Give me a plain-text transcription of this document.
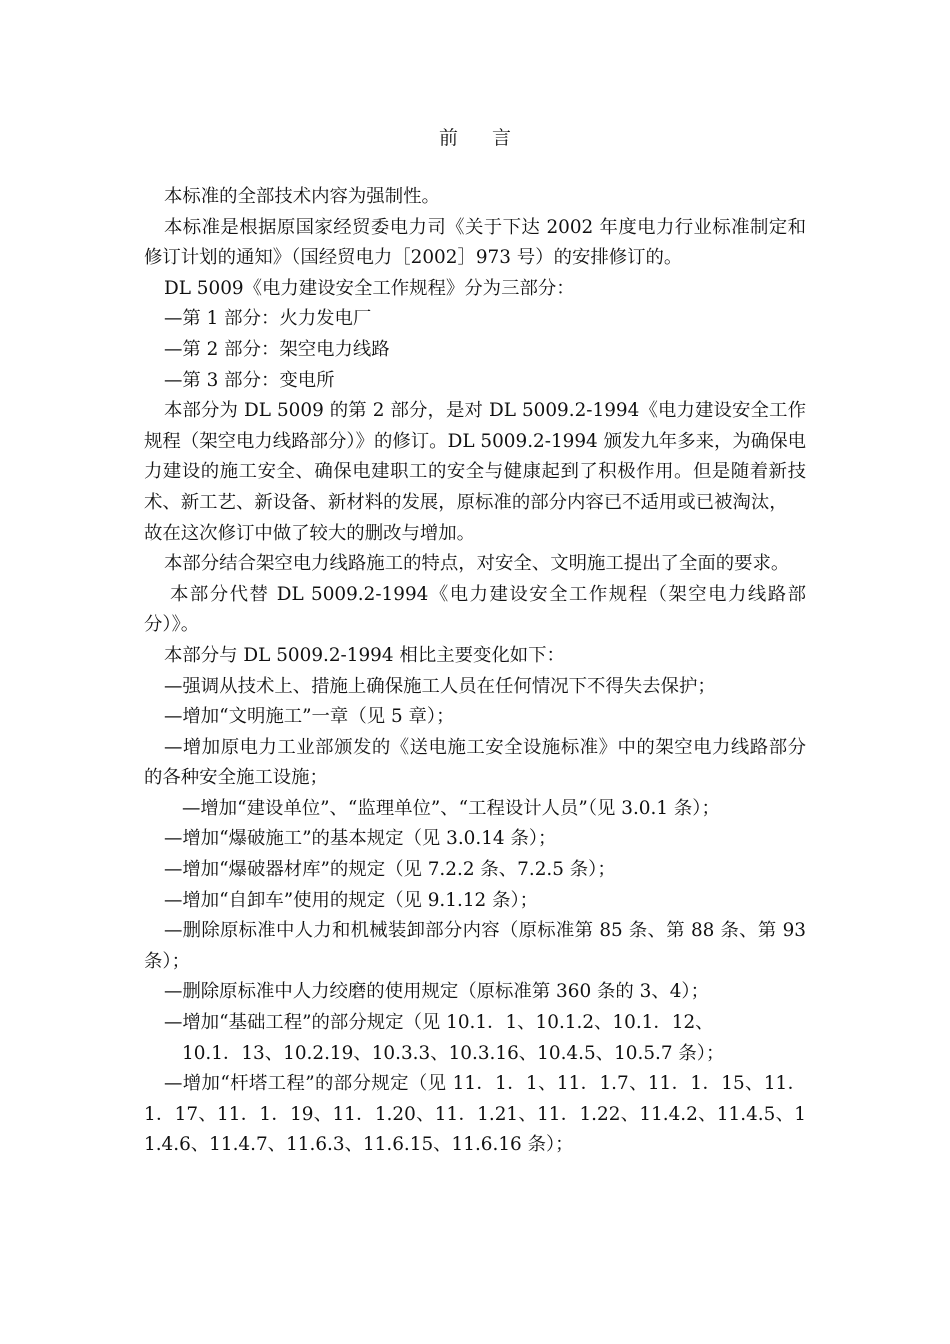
前 言

本标准的全部技术内容为强制性。

本标准是根据原国家经贸委电力司《关于下达 2002 年度电力行业标准制定和修订计划的通知》（国经贸电力［2002］973 号）的安排修订的。

DL 5009《电力建设安全工作规程》分为三部分：

—第 1 部分：火力发电厂

—第 2 部分：架空电力线路

—第 3 部分：变电所

本部分为 DL 5009 的第 2 部分，是对 DL 5009.2-1994《电力建设安全工作规程（架空电力线路部分）》的修订。DL 5009.2-1994 颁发九年多来，为确保电力建设的施工安全、确保电建职工的安全与健康起到了积极作用。但是随着新技术、新工艺、新设备、新材料的发展，原标准的部分内容已不适用或已被淘汰，

故在这次修订中做了较大的删改与增加。

本部分结合架空电力线路施工的特点，对安全、文明施工提出了全面的要求。

本部分代替 DL 5009.2-1994《电力建设安全工作规程（架空电力线路部分）》。

本部分与 DL 5009.2-1994 相比主要变化如下：

—强调从技术上、措施上确保施工人员在任何情况下不得失去保护；

—增加“文明施工”一章（见 5 章）；

—增加原电力工业部颁发的《送电施工安全设施标准》中的架空电力线路部分的各种安全施工设施；

—增加“建设单位”、“监理单位”、“工程设计人员”（见 3.0.1 条）；

—增加“爆破施工”的基本规定（见 3.0.14 条）；

—增加“爆破器材库”的规定（见 7.2.2 条、7.2.5 条）；

—增加“自卸车”使用的规定（见 9.1.12 条）；

—删除原标准中人力和机械装卸部分内容（原标准第 85 条、第 88 条、第 93 条）；

—删除原标准中人力绞磨的使用规定（原标准第 360 条的 3、4）；

—增加“基础工程”的部分规定（见 10.1．1、10.1.2、10.1．12、

10.1．13、10.2.19、10.3.3、10.3.16、10.4.5、10.5.7 条）；

—增加“杆塔工程”的部分规定（见 11．1．1、11．1.7、11．1．15、11．1．17、11．1．19、11．1.20、11．1.21、11．1.22、11.4.2、11.4.5、11.4.6、11.4.7、11.6.3、11.6.15、11.6.16 条）；
